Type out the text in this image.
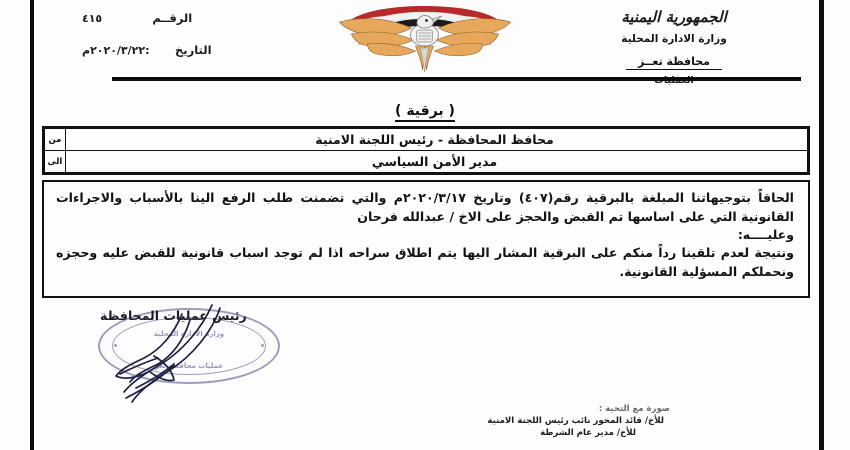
الرقــم٤١٥
التاريخ:٢٠٢٠/٣/٢٢م
الجمهورية اليمنية
وزارة الادارة المحلية
محافظة تعــز
( برقية )
محافظ المحافظة - رئيس اللجنة الامنية	من
مدير الأمن السياسي	الى

الحاقاً بتوجيهاتنا المبلغة بالبرقية رقم(٤٠٧) وتاريخ ٢٠٢٠/٣/١٧م والتي تضمنت طلب الرفع الينا بالأسباب والاجراءات القانونية التي على اساسها تم القبض والحجز على الاخ / عبدالله فرحان

وعليــــه:

ونتيجة لعدم تلقينا رداً منكم على البرقية المشار اليها يتم اطلاق سراحه اذا لم توجد اسباب قانونية للقبض عليه وحجزه ونحملكم المسؤلية القانونية.

رئيس عمليات المحافظة
وزارة الادارة المحلية
عمليات محافظة تعز
صورة مع التحية :
للأخ/ قائد المحور نائب رئيس اللجنة الامنية
للأخ/ مدير عام الشرطة
